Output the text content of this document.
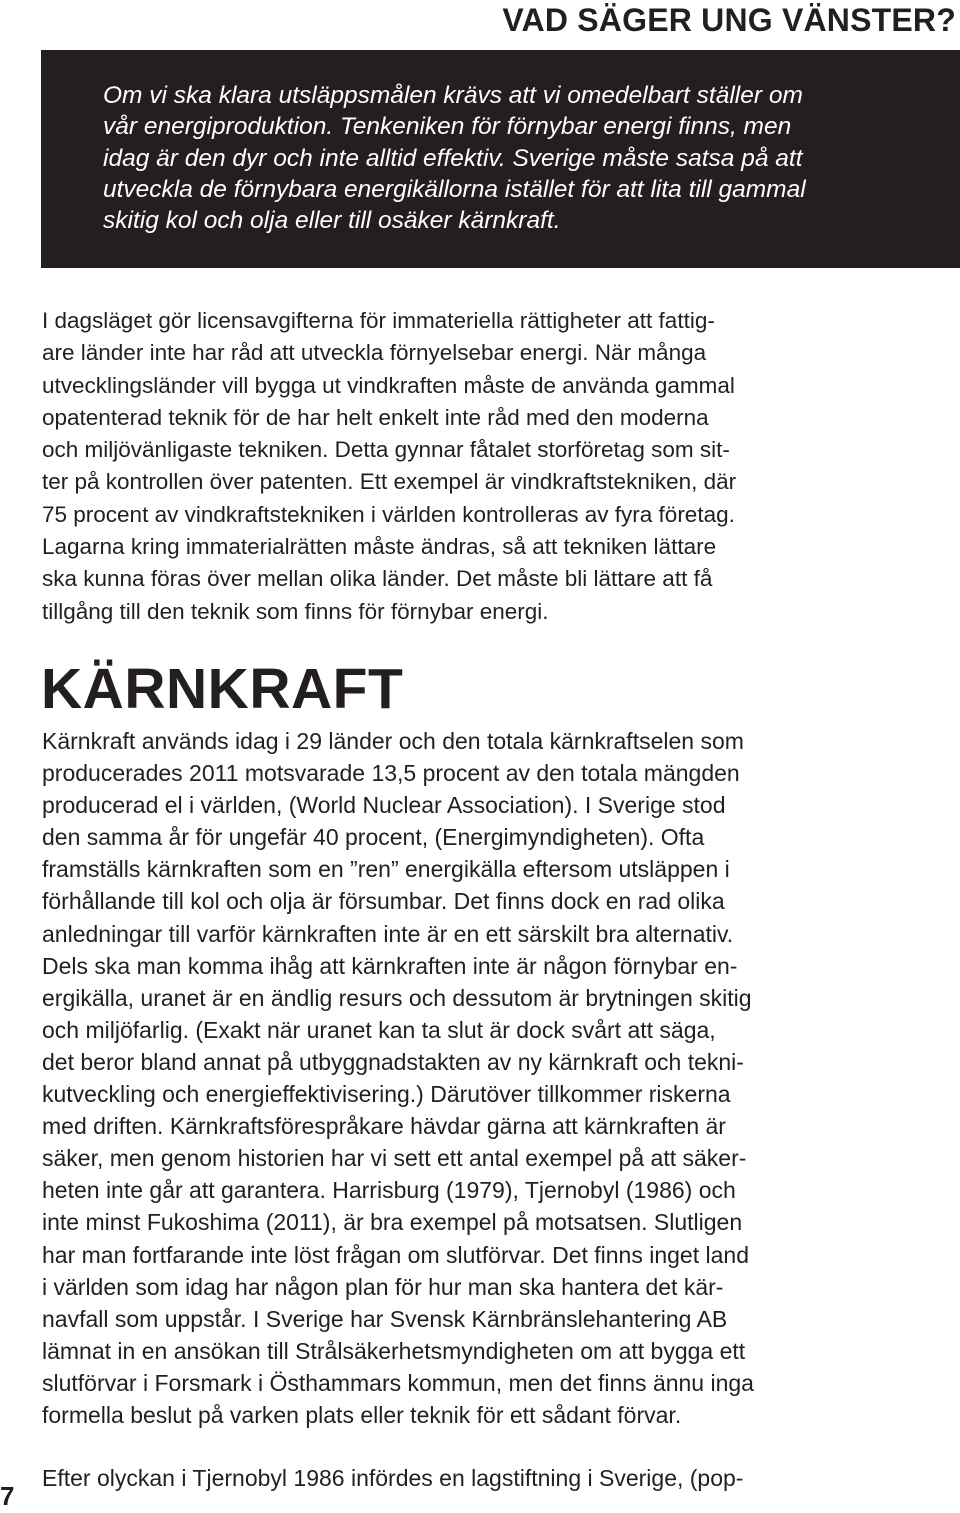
VAD SÄGER UNG VÄNSTER?
Om vi ska klara utsläppsmålen krävs att vi omedelbart ställer om
vår energiproduktion. Tenkeniken för förnybar energi finns, men
idag är den dyr och inte alltid effektiv. Sverige måste satsa på att
utveckla de förnybara energikällorna istället för att lita till gammal
skitig kol och olja eller till osäker kärnkraft.
I dagsläget gör licensavgifterna för immateriella rättigheter att fattig-
are länder inte har råd att utveckla förnyelsebar energi. När många
utvecklingsländer vill bygga ut vindkraften måste de använda gammal
opatenterad teknik för de har helt enkelt inte råd med den moderna
och miljövänligaste tekniken. Detta gynnar fåtalet storföretag som sit-
ter på kontrollen över patenten. Ett exempel är vindkraftstekniken, där
75 procent av vindkraftstekniken i världen kontrolleras av fyra företag.
Lagarna kring immaterialrätten måste ändras, så att tekniken lättare
ska kunna föras över mellan olika länder. Det måste bli lättare att få
tillgång till den teknik som finns för förnybar energi.
KÄRNKRAFT
Kärnkraft används idag i 29 länder och den totala kärnkraftselen som
producerades 2011 motsvarade 13,5 procent av den totala mängden
producerad el i världen, (World Nuclear Association). I Sverige stod
den samma år för ungefär 40 procent, (Energimyndigheten). Ofta
framställs kärnkraften som en ”ren” energikälla eftersom utsläppen i
förhållande till kol och olja är försumbar. Det finns dock en rad olika
anledningar till varför kärnkraften inte är en ett särskilt bra alternativ.
Dels ska man komma ihåg att kärnkraften inte är någon förnybar en-
ergikälla, uranet är en ändlig resurs och dessutom är brytningen skitig
och miljöfarlig. (Exakt när uranet kan ta slut är dock svårt att säga,
det beror bland annat på utbyggnadstakten av ny kärnkraft och tekni-
kutveckling och energieffektivisering.) Därutöver tillkommer riskerna
med driften. Kärnkraftsförespråkare hävdar gärna att kärnkraften är
säker, men genom historien har vi sett ett antal exempel på att säker-
heten inte går att garantera. Harrisburg (1979), Tjernobyl (1986) och
inte minst Fukoshima (2011), är bra exempel på motsatsen. Slutligen
har man fortfarande inte löst frågan om slutförvar. Det finns inget land
i världen som idag har någon plan för hur man ska hantera det kär-
navfall som uppstår. I Sverige har Svensk Kärnbränslehantering AB
lämnat in en ansökan till Strålsäkerhetsmyndigheten om att bygga ett
slutförvar i Forsmark i Östhammars kommun, men det finns ännu inga
formella beslut på varken plats eller teknik för ett sådant förvar.
Efter olyckan i Tjernobyl 1986 infördes en lagstiftning i Sverige, (pop-
7
